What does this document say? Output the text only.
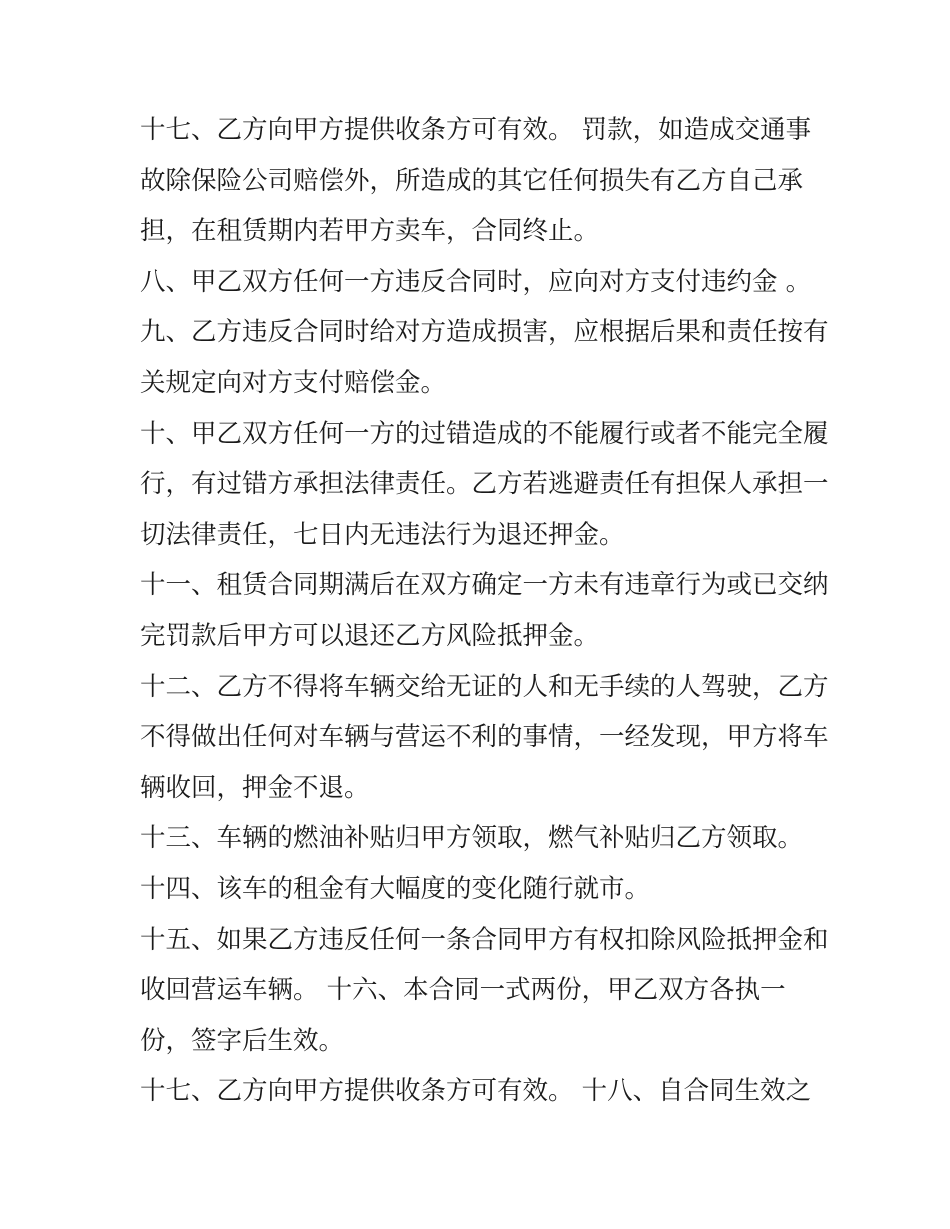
十七、乙方向甲方提供收条方可有效。 罚款，如造成交通事
故除保险公司赔偿外，所造成的其它任何损失有乙方自己承
担，在租赁期内若甲方卖车，合同终止。
八、甲乙双方任何一方违反合同时，应向对方支付违约金 。
九、乙方违反合同时给对方造成损害，应根据后果和责任按有
关规定向对方支付赔偿金。
十、甲乙双方任何一方的过错造成的不能履行或者不能完全履
行，有过错方承担法律责任。乙方若逃避责任有担保人承担一
切法律责任，七日内无违法行为退还押金。
十一、租赁合同期满后在双方确定一方未有违章行为或已交纳
完罚款后甲方可以退还乙方风险抵押金。
十二、乙方不得将车辆交给无证的人和无手续的人驾驶，乙方
不得做出任何对车辆与营运不利的事情，一经发现，甲方将车
辆收回，押金不退。
十三、车辆的燃油补贴归甲方领取，燃气补贴归乙方领取。
十四、该车的租金有大幅度的变化随行就市。
十五、如果乙方违反任何一条合同甲方有权扣除风险抵押金和
收回营运车辆。 十六、本合同一式两份，甲乙双方各执一
份，签字后生效。
十七、乙方向甲方提供收条方可有效。 十八、自合同生效之
